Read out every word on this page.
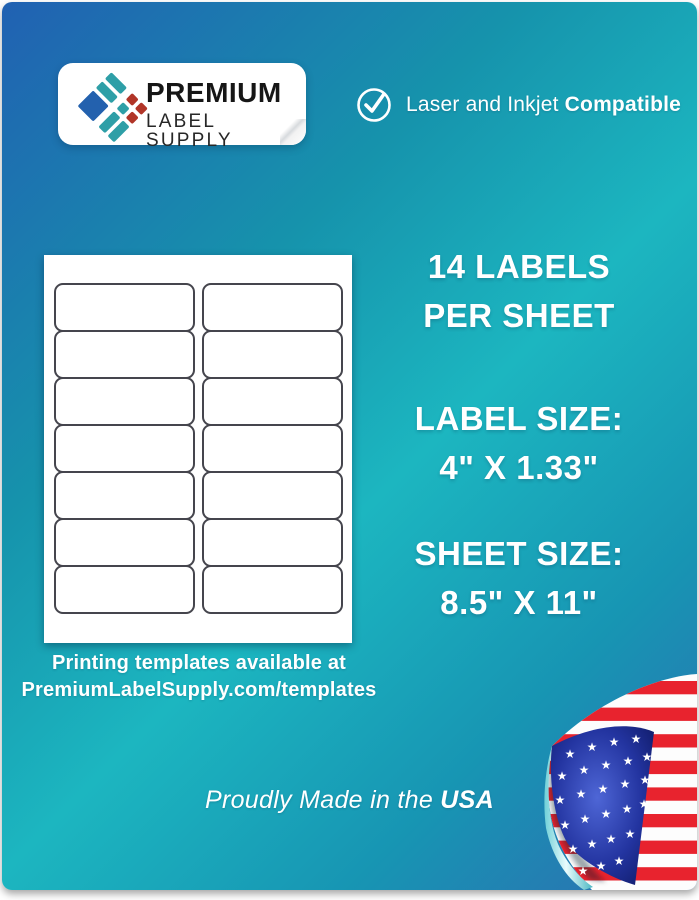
PREMIUM
LABEL SUPPLY
Laser and Inkjet Compatible
14 LABELS
PER SHEET
LABEL SIZE:
4" X 1.33"
SHEET SIZE:
8.5" X 11"
Printing templates available at
PremiumLabelSupply.com/templates
Proudly Made in the USA
★ ★ ★ ★
★ ★ ★ ★ ★
★ ★ ★ ★ ★
★ ★ ★ ★ ★
★ ★ ★ ★
★ ★ ★
